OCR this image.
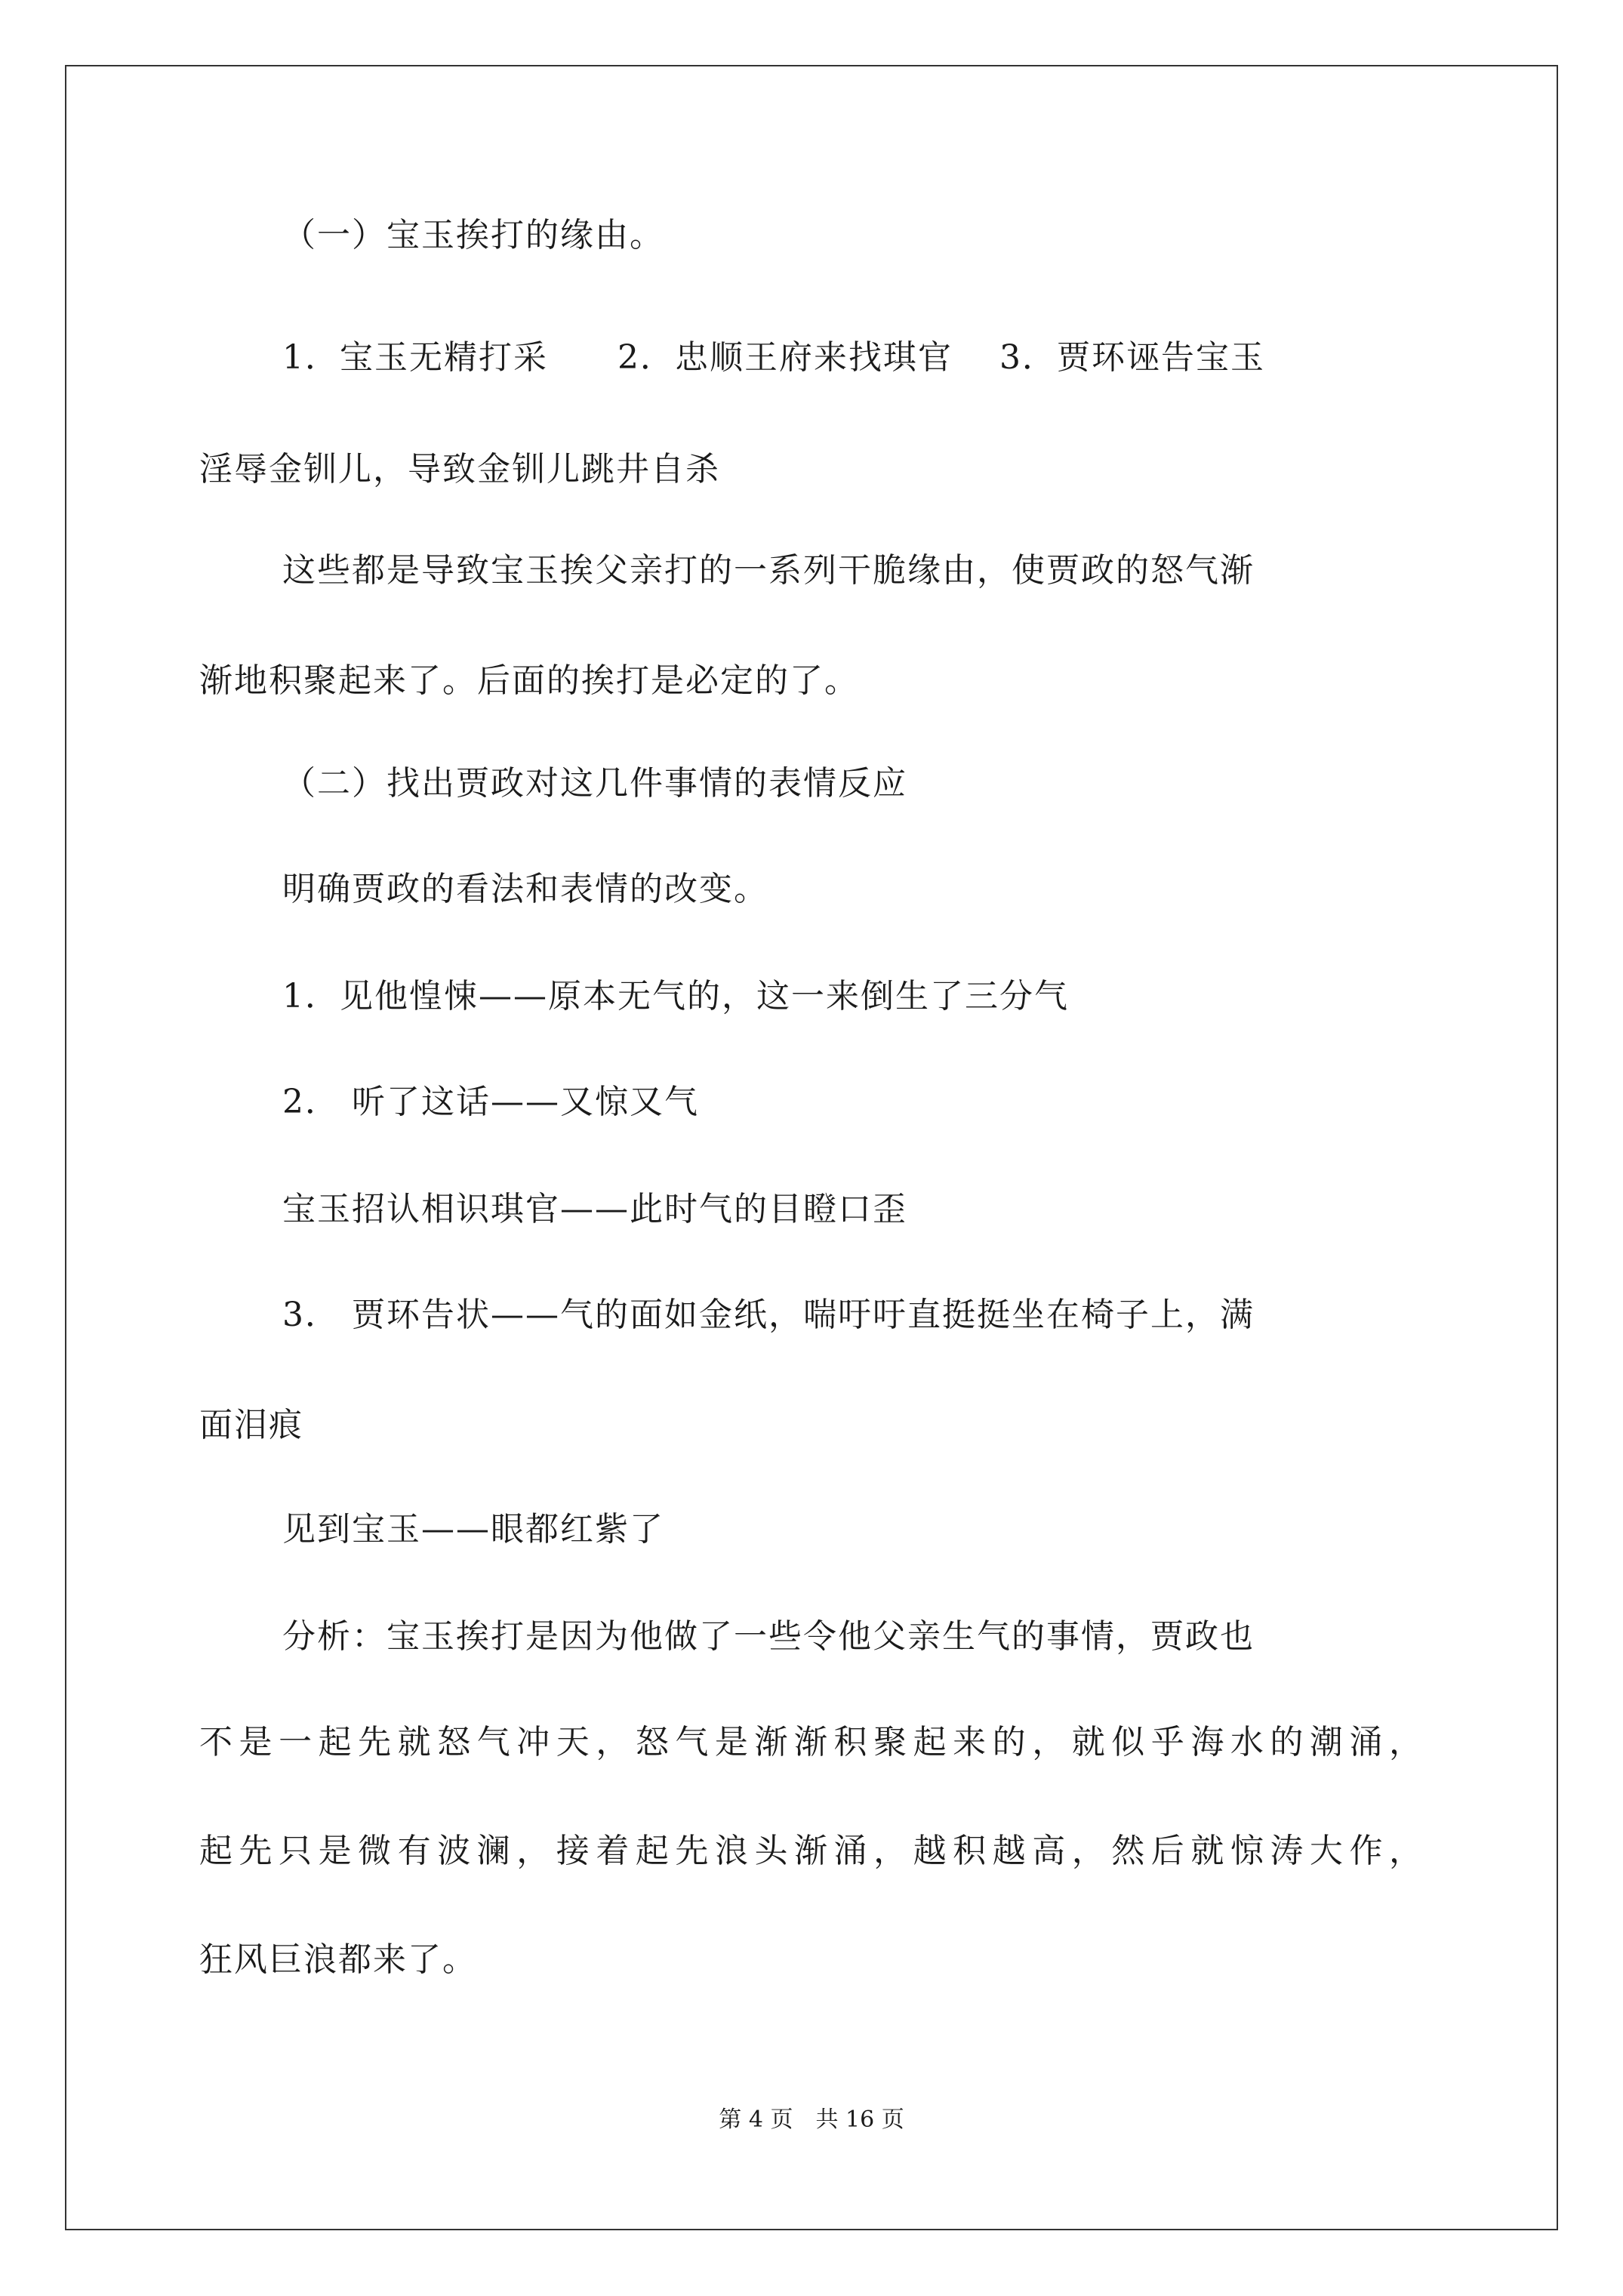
（一）宝玉挨打的缘由。

1．宝玉无精打采　　2．忠顺王府来找琪官　 3．贾环诬告宝玉

淫辱金钏儿，导致金钏儿跳井自杀

这些都是导致宝玉挨父亲打的一系列干脆缘由，使贾政的怒气渐

渐地积聚起来了。后面的挨打是必定的了。

（二）找出贾政对这几件事情的表情反应

明确贾政的看法和表情的改变。

1．见他惶悚——原本无气的，这一来倒生了三分气

2． 听了这话——又惊又气

宝玉招认相识琪官——此时气的目瞪口歪

3． 贾环告状——气的面如金纸，喘吁吁直挺挺坐在椅子上，满

面泪痕

见到宝玉——眼都红紫了

分析：宝玉挨打是因为他做了一些令他父亲生气的事情，贾政也

不是一起先就怒气冲天，怒气是渐渐积聚起来的，就似乎海水的潮涌，

起先只是微有波澜，接着起先浪头渐涌，越积越高，然后就惊涛大作，

狂风巨浪都来了。

第 4 页　共 16 页
